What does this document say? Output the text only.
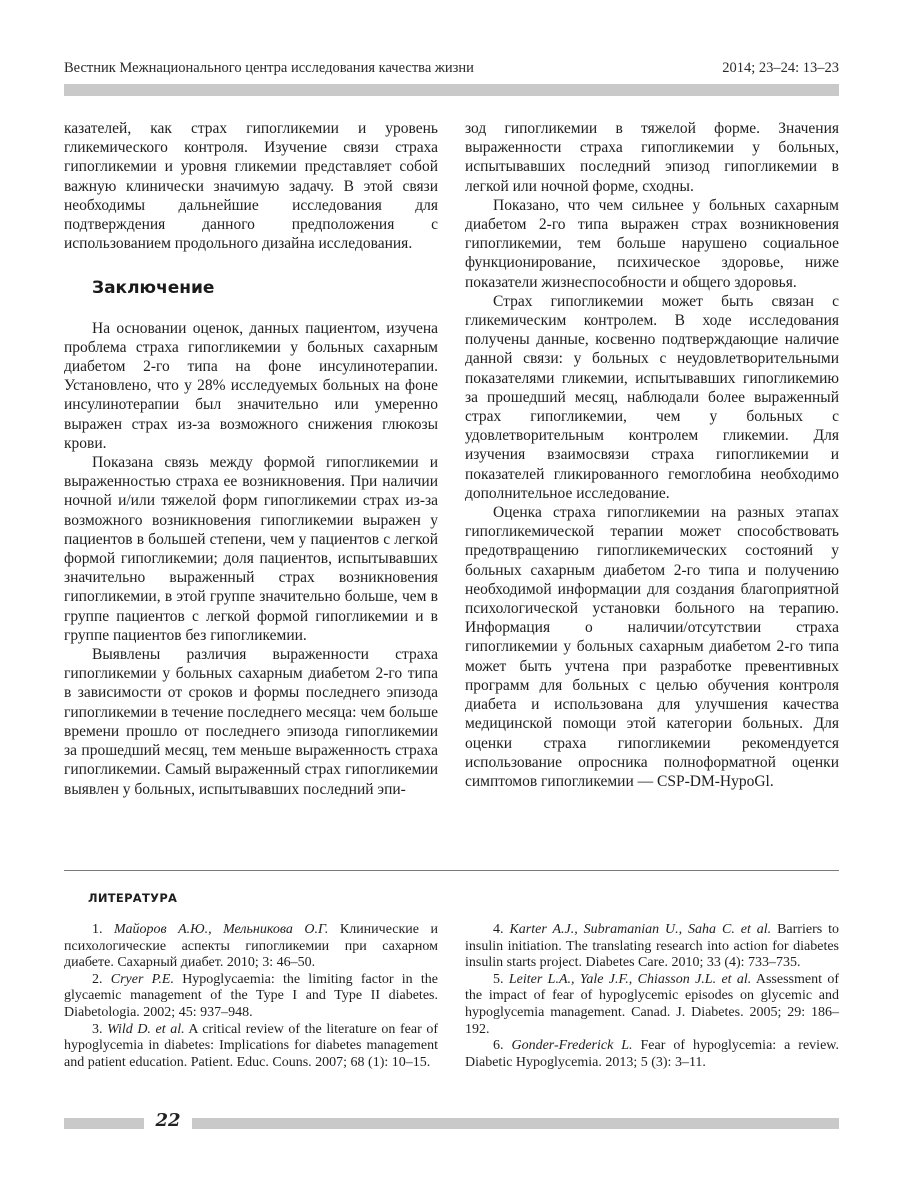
Вестник Межнационального центра исследования качества жизни	2014; 23–24: 13–23

казателей, как страх гипогликемии и уровень гликемического контроля. Изучение связи страха гипогликемии и уровня гликемии представляет собой важную клинически значимую задачу. В этой связи необходимы дальнейшие исследования для подтверждения данного предположения с использованием продольного дизайна исследования.

Заключение

На основании оценок, данных пациентом, изучена проблема страха гипогликемии у больных сахарным диабетом 2-го типа на фоне инсулинотерапии. Установлено, что у 28% исследуемых больных на фоне инсулинотерапии был значительно или умеренно выражен страх из-за возможного снижения глюкозы крови.

Показана связь между формой гипогликемии и выраженностью страха ее возникновения. При наличии ночной и/или тяжелой форм гипогликемии страх из-за возможного возникновения гипогликемии выражен у пациентов в большей степени, чем у пациентов с легкой формой гипогликемии; доля пациентов, испытывавших значительно выраженный страх возникновения гипогликемии, в этой группе значительно больше, чем в группе пациентов с легкой формой гипогликемии и в группе пациентов без гипогликемии.

Выявлены различия выраженности страха гипогликемии у больных сахарным диабетом 2-го типа в зависимости от сроков и формы последнего эпизода гипогликемии в течение последнего месяца: чем больше времени прошло от последнего эпизода гипогликемии за прошедший месяц, тем меньше выраженность страха гипогликемии. Самый выраженный страх гипогликемии выявлен у больных, испытывавших последний эпи-

зод гипогликемии в тяжелой форме. Значения выраженности страха гипогликемии у больных, испытывавших последний эпизод гипогликемии в легкой или ночной форме, сходны.

Показано, что чем сильнее у больных сахарным диабетом 2-го типа выражен страх возникновения гипогликемии, тем больше нарушено социальное функционирование, психическое здоровье, ниже показатели жизнеспособности и общего здоровья.

Страх гипогликемии может быть связан с гликемическим контролем. В ходе исследования получены данные, косвенно подтверждающие наличие данной связи: у больных с неудовлетворительными показателями гликемии, испытывавших гипогликемию за прошедший месяц, наблюдали более выраженный страх гипогликемии, чем у больных с удовлетворительным контролем гликемии. Для изучения взаимосвязи страха гипогликемии и показателей гликированного гемоглобина необходимо дополнительное исследование.

Оценка страха гипогликемии на разных этапах гипогликемической терапии может способствовать предотвращению гипогликемических состояний у больных сахарным диабетом 2-го типа и получению необходимой информации для создания благоприятной психологической установки больного на терапию. Информация о наличии/отсутствии страха гипогликемии у больных сахарным диабетом 2-го типа может быть учтена при разработке превентивных программ для больных с целью обучения контроля диабета и использована для улучшения качества медицинской помощи этой категории больных. Для оценки страха гипогликемии рекомендуется использование опросника полноформатной оценки симптомов гипогликемии — CSP-DM-HypoGl.

ЛИТЕРАТУРА

1. Майоров А.Ю., Мельникова О.Г. Клинические и психологические аспекты гипогликемии при сахарном диабете. Сахарный диабет. 2010; 3: 46–50.

2. Cryer P.E. Hypoglycaemia: the limiting factor in the glycaemic management of the Type I and Type II diabetes. Diabetologia. 2002; 45: 937–948.

3. Wild D. et al. A critical review of the literature on fear of hypoglycemia in diabetes: Implications for diabetes management and patient education. Patient. Educ. Couns. 2007; 68 (1): 10–15.

4. Karter A.J., Subramanian U., Saha C. et al. Barriers to insulin initiation. The translating research into action for diabetes insulin starts project. Diabetes Care. 2010; 33 (4): 733–735.

5. Leiter L.A., Yale J.F., Chiasson J.L. et al. Assessment of the impact of fear of hypoglycemic episodes on glycemic and hypoglycemia management. Canad. J. Diabetes. 2005; 29: 186–192.

6. Gonder-Frederick L. Fear of hypoglycemia: a review. Diabetic Hypoglycemia. 2013; 5 (3): 3–11.

22
